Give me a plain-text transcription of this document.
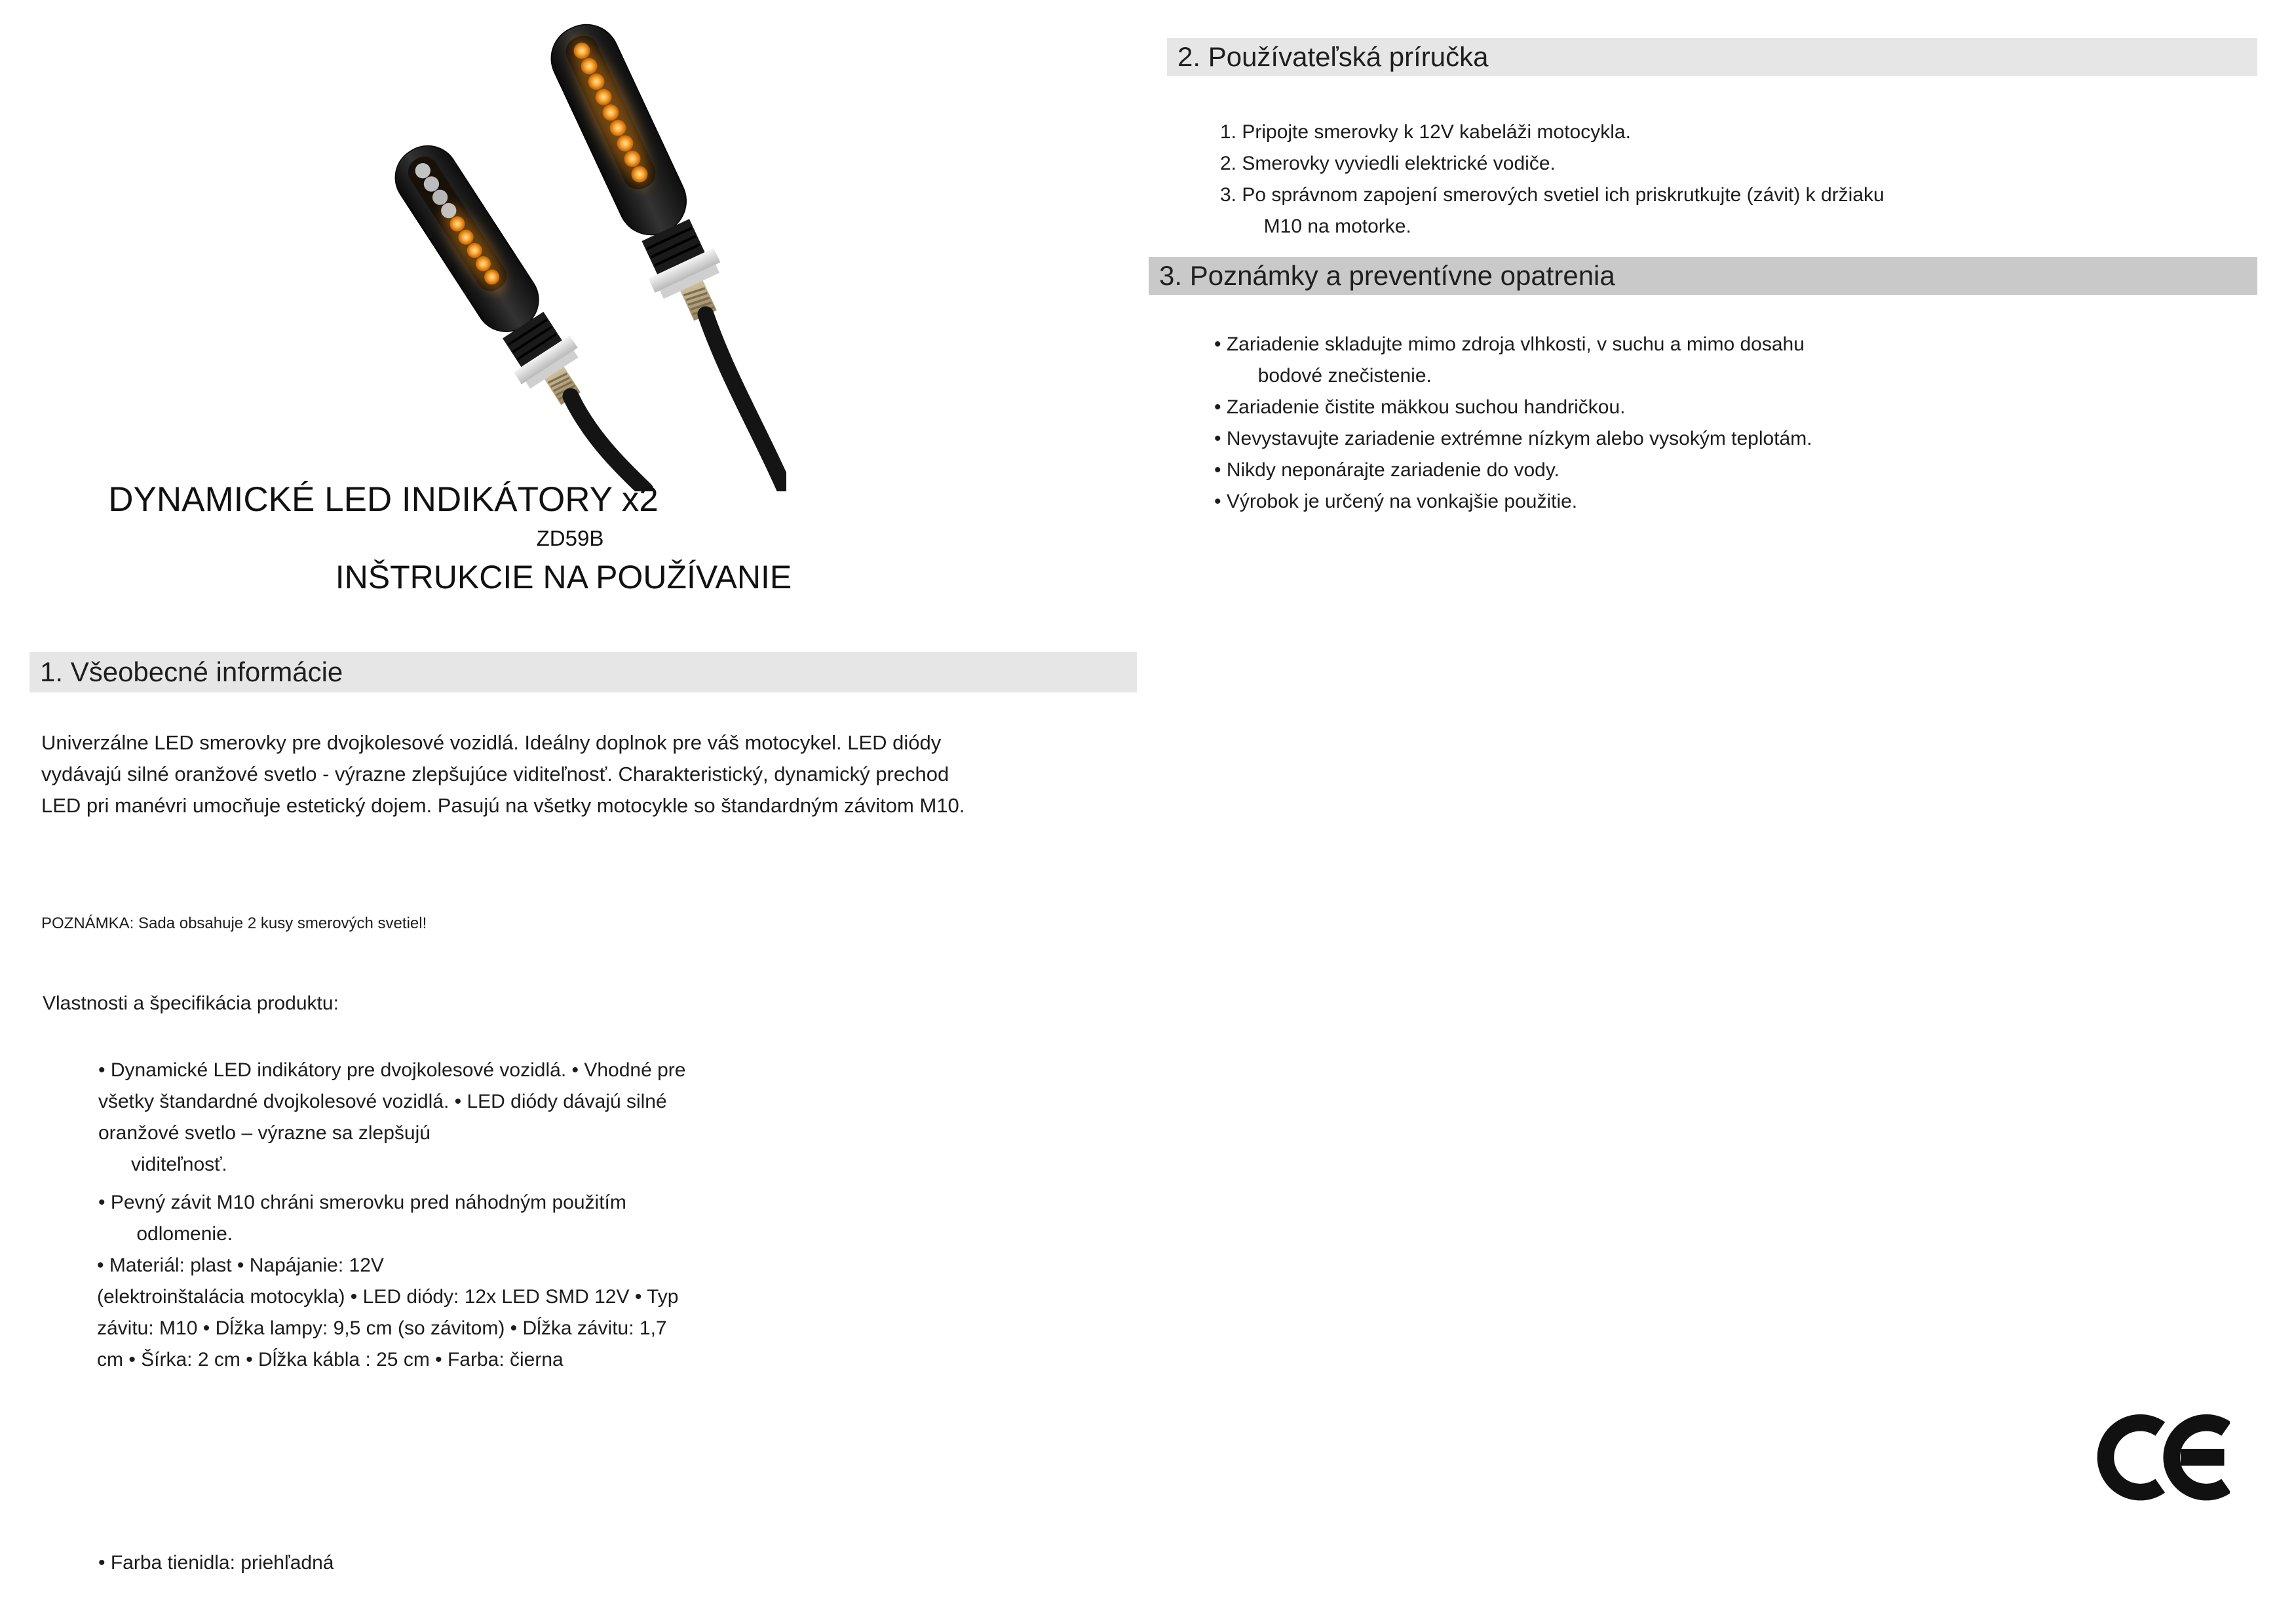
DYNAMICKÉ LED INDIKÁTORY x2
ZD59B
INŠTRUKCIE NA POUŽÍVANIE
1. Všeobecné informácie
Univerzálne LED smerovky pre dvojkolesové vozidlá. Ideálny doplnok pre váš motocykel. LED diódy
vydávajú silné oranžové svetlo - výrazne zlepšujúce viditeľnosť. Charakteristický, dynamický prechod
LED pri manévri umocňuje estetický dojem. Pasujú na všetky motocykle so štandardným závitom M10.
POZNÁMKA: Sada obsahuje 2 kusy smerových svetiel!
Vlastnosti a špecifikácia produktu:
• Dynamické LED indikátory pre dvojkolesové vozidlá. • Vhodné pre
všetky štandardné dvojkolesové vozidlá. • LED diódy dávajú silné
oranžové svetlo – výrazne sa zlepšujú
viditeľnosť.
• Pevný závit M10 chráni smerovku pred náhodným použitím
odlomenie.
• Materiál: plast • Napájanie: 12V
(elektroinštalácia motocykla) • LED diódy: 12x LED SMD 12V • Typ
závitu: M10 • Dĺžka lampy: 9,5 cm (so závitom) • Dĺžka závitu: 1,7
cm • Šírka: 2 cm • Dĺžka kábla : 25 cm • Farba: čierna
• Farba tienidla: priehľadná
2. Používateľská príručka
1. Pripojte smerovky k 12V kabeláži motocykla.
2. Smerovky vyviedli elektrické vodiče.
3. Po správnom zapojení smerových svetiel ich priskrutkujte (závit) k držiaku
M10 na motorke.
3. Poznámky a preventívne opatrenia
• Zariadenie skladujte mimo zdroja vlhkosti, v suchu a mimo dosahu
bodové znečistenie.
• Zariadenie čistite mäkkou suchou handričkou.
• Nevystavujte zariadenie extrémne nízkym alebo vysokým teplotám.
• Nikdy neponárajte zariadenie do vody.
• Výrobok je určený na vonkajšie použitie.
